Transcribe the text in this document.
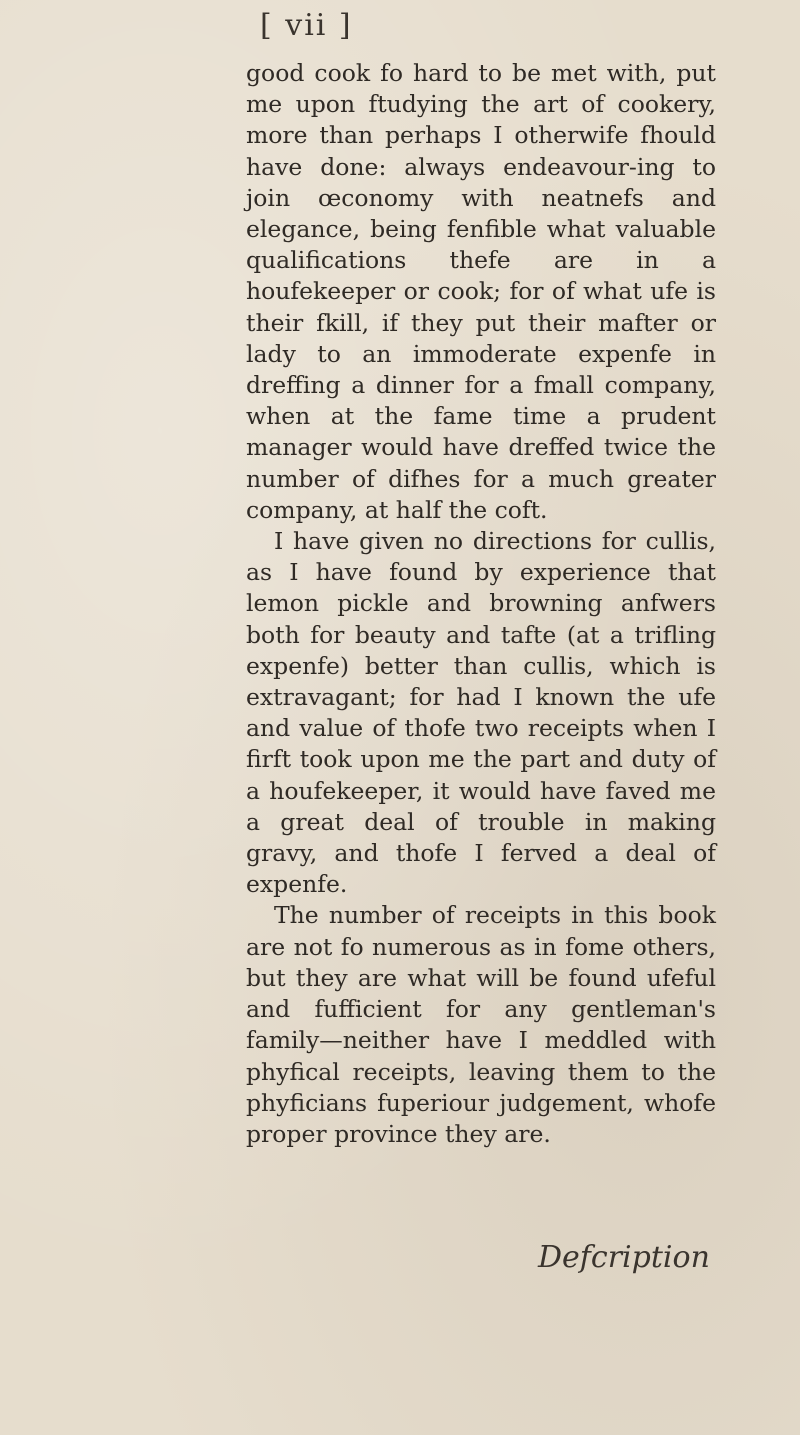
[ vii ]

good cook fo hard to be met with, put me upon ftudying the art of cookery, more than perhaps I otherwife fhould have done: always endeavour-ing to join œconomy with neatnefs and elegance, being fenfible what valuable qualifications thefe are in a houfekeeper or cook; for of what ufe is their fkill, if they put their mafter or lady to an immoderate expenfe in dreffing a dinner for a fmall company, when at the fame time a prudent manager would have dreffed twice the number of difhes for a much greater company, at half the coft.

I have given no directions for cullis, as I have found by experience that lemon pickle and browning anfwers both for beauty and tafte (at a trifling expenfe) better than cullis, which is extravagant; for had I known the ufe and value of thofe two receipts when I firft took upon me the part and duty of a houfekeeper, it would have faved me a great deal of trouble in making gravy, and thofe I ferved a deal of expenfe.

The number of receipts in this book are not fo numerous as in fome others, but they are what will be found ufeful and fufficient for any gentleman's family—neither have I meddled with phyfical receipts, leaving them to the phyficians fuperiour judgement, whofe proper province they are.

Defcription
